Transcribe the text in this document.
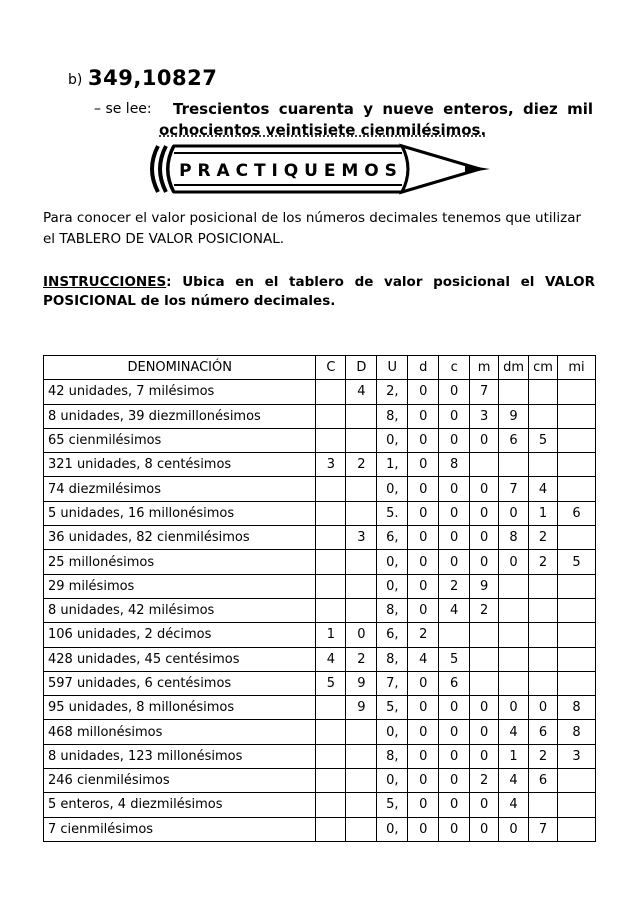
b) 349,10827
– se lee: Trescientos cuarenta y nueve enteros, diez mil
ochocientos veintisiete cienmilésimos.
P R A C T I Q U E M O S
Para conocer el valor posicional de los números decimales tenemos que utilizar el TABLERO DE VALOR POSICIONAL.
INSTRUCCIONES: Ubica en el tablero de valor posicional el VALOR
POSICIONAL de los número decimales.
DENOMINACIÓN	C	D	U	d	c	m	dm	cm	mi
42 unidades, 7 milésimos		4	2,	0	0	7			
8 unidades, 39 diezmillonésimos			8,	0	0	3	9		
65 cienmilésimos			0,	0	0	0	6	5	
321 unidades, 8 centésimos	3	2	1,	0	8				
74 diezmilésimos			0,	0	0	0	7	4	
5 unidades, 16 millonésimos			5.	0	0	0	0	1	6
36 unidades, 82 cienmilésimos		3	6,	0	0	0	8	2	
25 millonésimos			0,	0	0	0	0	2	5
29 milésimos			0,	0	2	9			
8 unidades, 42 milésimos			8,	0	4	2			
106 unidades, 2 décimos	1	0	6,	2					
428 unidades, 45 centésimos	4	2	8,	4	5				
597 unidades, 6 centésimos	5	9	7,	0	6				
95 unidades, 8 millonésimos		9	5,	0	0	0	0	0	8
468 millonésimos			0,	0	0	0	4	6	8
8 unidades, 123 millonésimos			8,	0	0	0	1	2	3
246 cienmilésimos			0,	0	0	2	4	6	
5 enteros, 4 diezmilésimos			5,	0	0	0	4		
7 cienmilésimos			0,	0	0	0	0	7	
